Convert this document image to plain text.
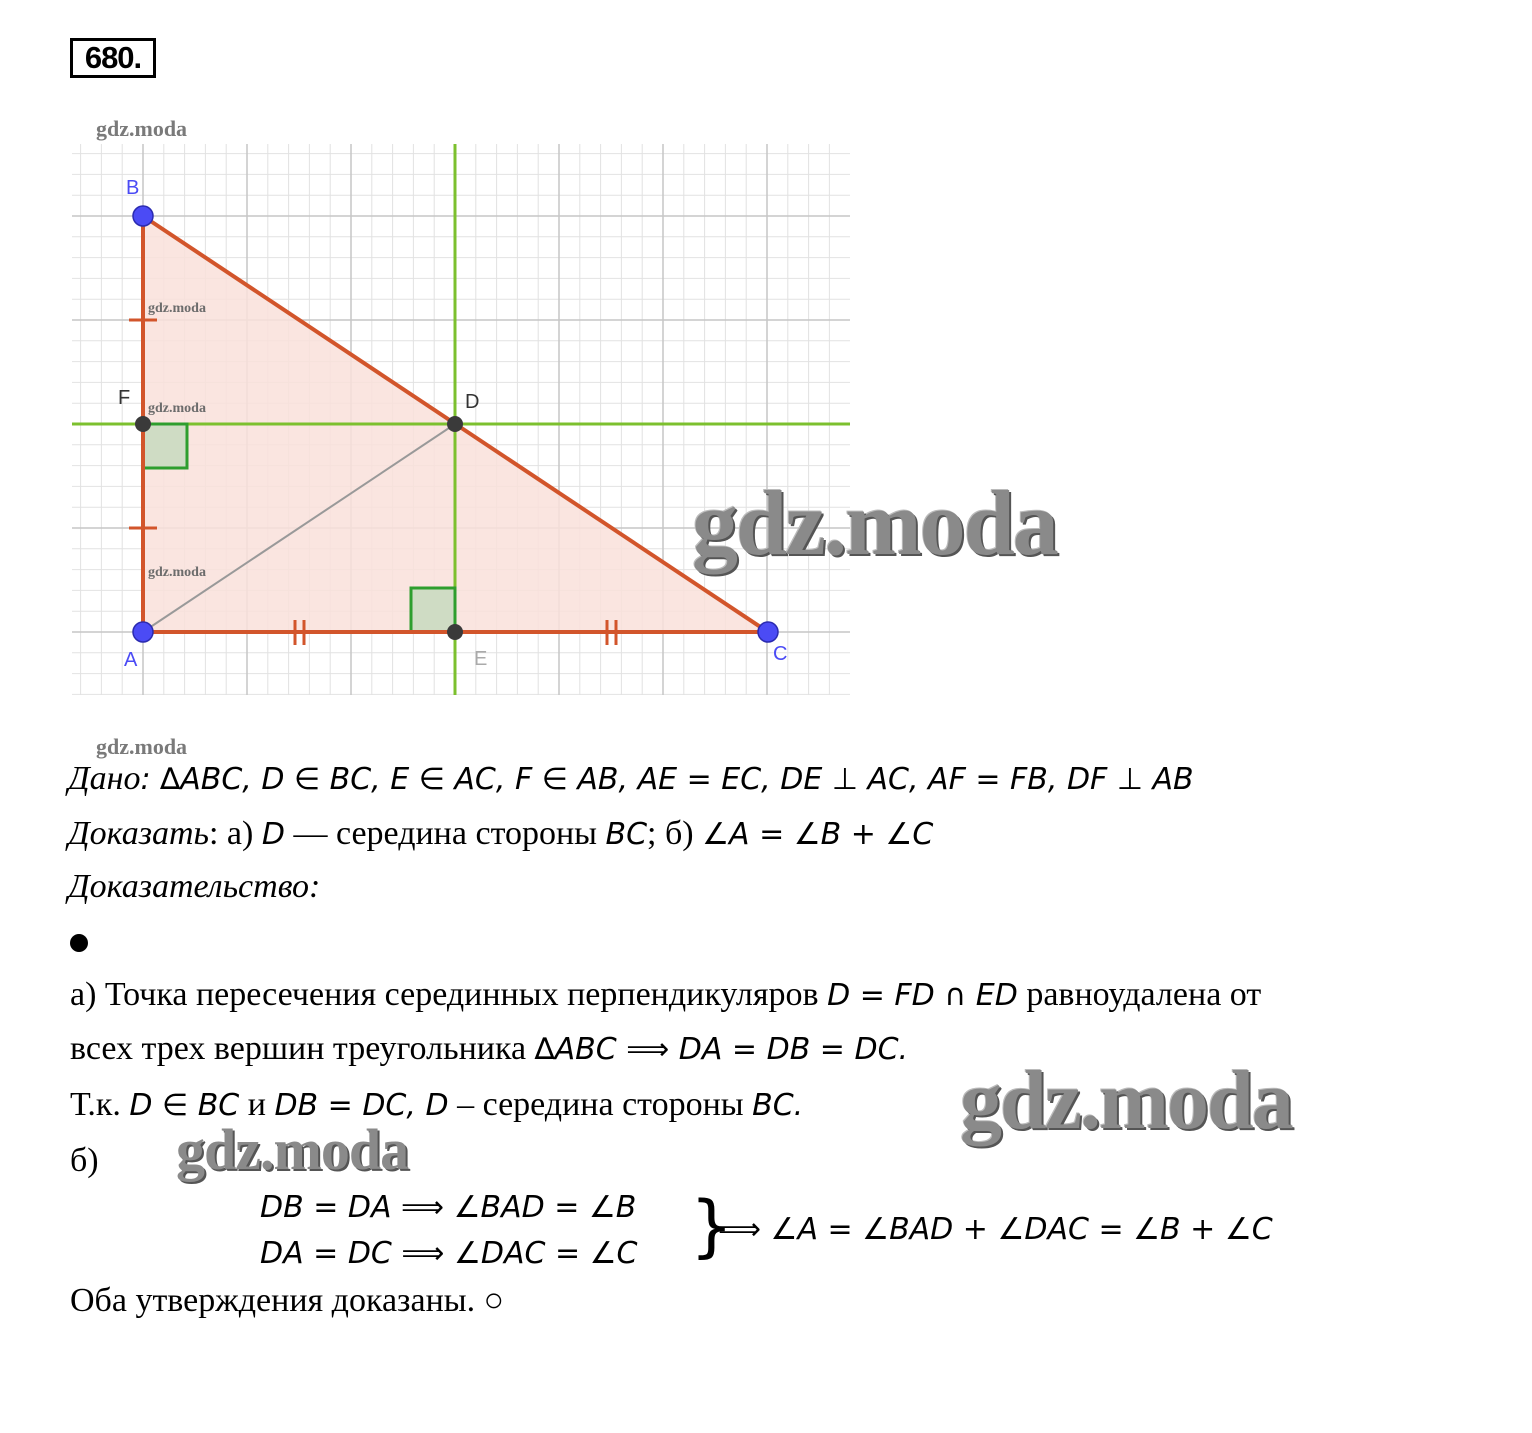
680.
gdz.moda
B
A	C
F	D
E
gdz.moda
gdz.moda
gdz.moda	gdz.moda
gdz.moda
Дано: ∆ABC, D ∈ BC, E ∈ AC, F ∈ AB, AE = EC, DE ⊥ AC, AF = FB, DF ⊥ AB
Доказать: а) D — середина стороны BC; б) ∠A = ∠B + ∠C
Доказательство:
а) Точка пересечения серединных перпендикуляров D = FD ∩ ED равноудалена от
всех трех вершин треугольника ∆ABC ⟹ DA = DB = DC.
Т.к. D ∈ BC и DB = DC, D – середина стороны BC. gdz.moda
б) gdz.moda
DB = DA ⟹ ∠BAD = ∠B
DA = DC ⟹ ∠DAC = ∠C }
⟹ ∠A = ∠BAD + ∠DAC = ∠B + ∠C
Оба утверждения доказаны. ○
